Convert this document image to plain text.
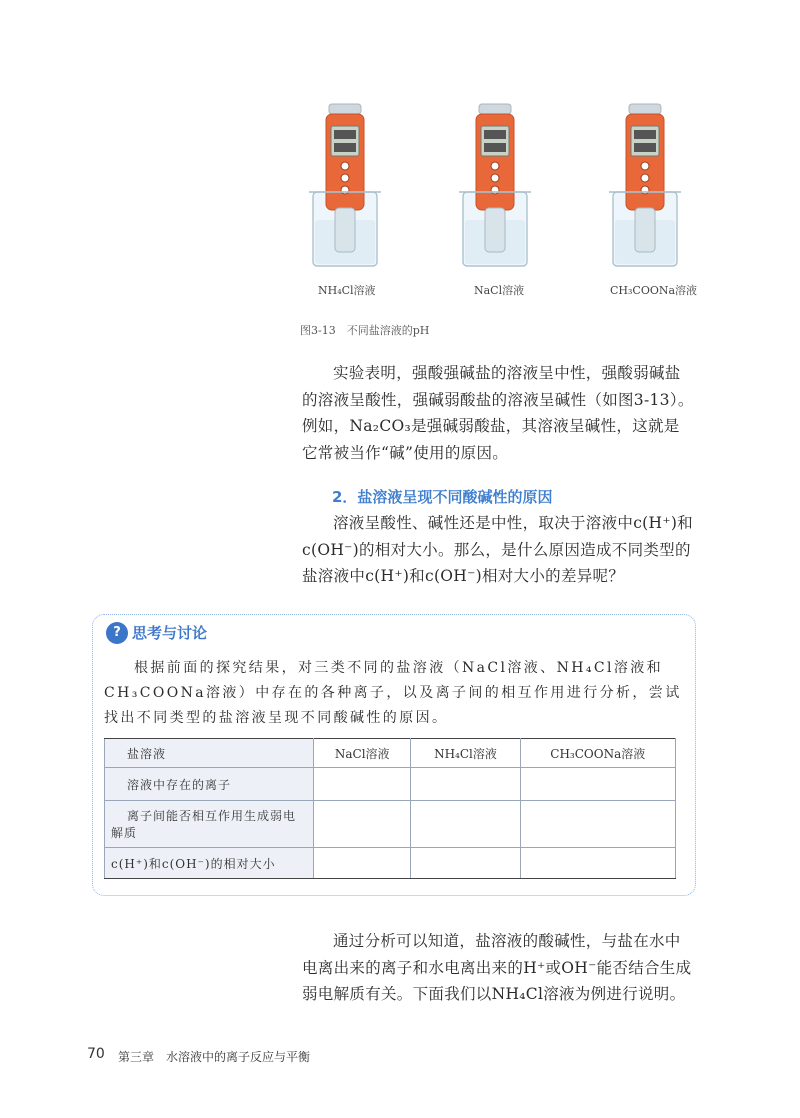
NH₄Cl溶液	NaCl溶液	CH₃COONa溶液
图3-13　不同盐溶液的pH
实验表明，强酸强碱盐的溶液呈中性，强酸弱碱盐的溶液呈酸性，强碱弱酸盐的溶液呈碱性（如图3-13）。例如，Na₂CO₃是强碱弱酸盐，其溶液呈碱性，这就是它常被当作“碱”使用的原因。
2．盐溶液呈现不同酸碱性的原因
溶液呈酸性、碱性还是中性，取决于溶液中c(H⁺)和c(OH⁻)的相对大小。那么，是什么原因造成不同类型的盐溶液中c(H⁺)和c(OH⁻)相对大小的差异呢？
? 思考与讨论
根据前面的探究结果，对三类不同的盐溶液（NaCl溶液、NH₄Cl溶液和CH₃COONa溶液）中存在的各种离子，以及离子间的相互作用进行分析，尝试找出不同类型的盐溶液呈现不同酸碱性的原因。
盐溶液	NaCl溶液	NH₄Cl溶液	CH₃COONa溶液
溶液中存在的离子			
离子间能否相互作用生成弱电解质			
c(H⁺)和c(OH⁻)的相对大小			
通过分析可以知道，盐溶液的酸碱性，与盐在水中电离出来的离子和水电离出来的H⁺或OH⁻能否结合生成弱电解质有关。下面我们以NH₄Cl溶液为例进行说明。
70 第三章　水溶液中的离子反应与平衡
